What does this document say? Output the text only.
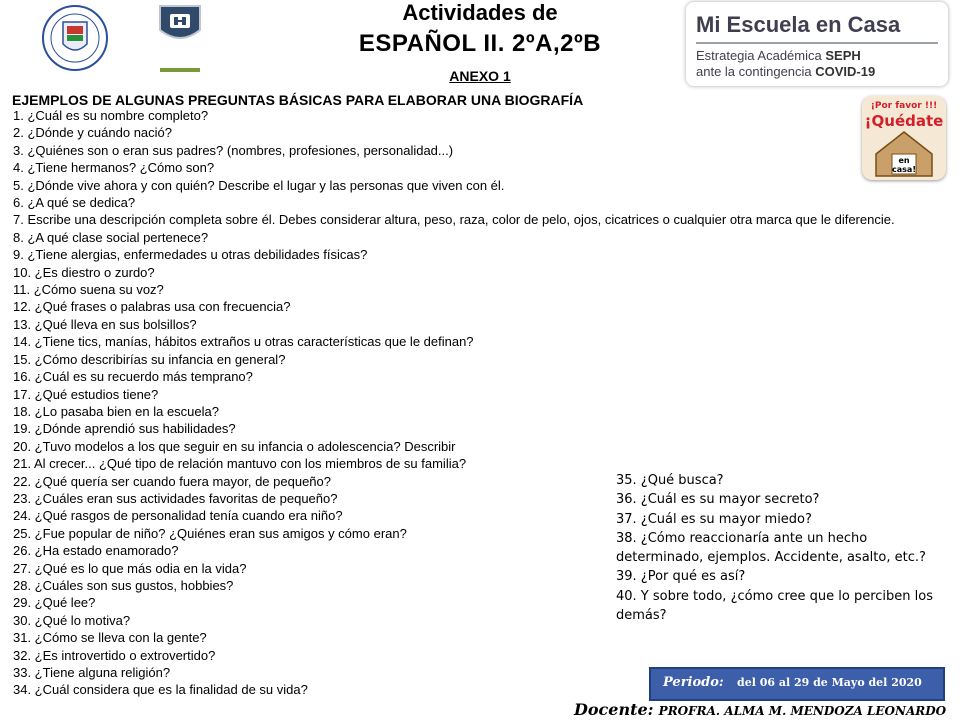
Actividades de
ESPAÑOL II. 2ºA,2ºB
ANEXO 1
Mi Escuela en Casa
Estrategia Académica SEPH
ante la contingencia COVID-19
¡Por favor !!!
¡Quédate
en
casa!
EJEMPLOS DE ALGUNAS PREGUNTAS BÁSICAS PARA ELABORAR UNA BIOGRAFÍA
1. ¿Cuál es su nombre completo?
2. ¿Dónde y cuándo nació?
3. ¿Quiénes son o eran sus padres? (nombres, profesiones, personalidad...)
4. ¿Tiene hermanos? ¿Cómo son?
5. ¿Dónde vive ahora y con quién? Describe el lugar y las personas que viven con él.
6. ¿A qué se dedica?
7. Escribe una descripción completa sobre él. Debes considerar altura, peso, raza, color de pelo, ojos, cicatrices o cualquier otra marca que le diferencie.
8. ¿A qué clase social pertenece?
9. ¿Tiene alergias, enfermedades u otras debilidades físicas?
10. ¿Es diestro o zurdo?
11. ¿Cómo suena su voz?
12. ¿Qué frases o palabras usa con frecuencia?
13. ¿Qué lleva en sus bolsillos?
14. ¿Tiene tics, manías, hábitos extraños u otras características que le definan?
15. ¿Cómo describirías su infancia en general?
16. ¿Cuál es su recuerdo más temprano?
17. ¿Qué estudios tiene?
18. ¿Lo pasaba bien en la escuela?
19. ¿Dónde aprendió sus habilidades?
20. ¿Tuvo modelos a los que seguir en su infancia o adolescencia? Describir
21. Al crecer... ¿Qué tipo de relación mantuvo con los miembros de su familia?
22. ¿Qué quería ser cuando fuera mayor, de pequeño?
23. ¿Cuáles eran sus actividades favoritas de pequeño?
24. ¿Qué rasgos de personalidad tenía cuando era niño?
25. ¿Fue popular de niño? ¿Quiénes eran sus amigos y cómo eran?
26. ¿Ha estado enamorado?
27. ¿Qué es lo que más odia en la vida?
28. ¿Cuáles son sus gustos, hobbies?
29. ¿Qué lee?
30. ¿Qué lo motiva?
31. ¿Cómo se lleva con la gente?
32. ¿Es introvertido o extrovertido?
33. ¿Tiene alguna religión?
34. ¿Cuál considera que es la finalidad de su vida?
35. ¿Qué busca?
36. ¿Cuál es su mayor secreto?
37. ¿Cuál es su mayor miedo?
38. ¿Cómo reaccionaría ante un hecho determinado, ejemplos. Accidente, asalto, etc.?
39. ¿Por qué es así?
40. Y sobre todo, ¿cómo cree que lo perciben los demás?
Periodo: del 06 al 29 de Mayo del 2020
Docente: PROFRA. ALMA M. MENDOZA LEONARDO
